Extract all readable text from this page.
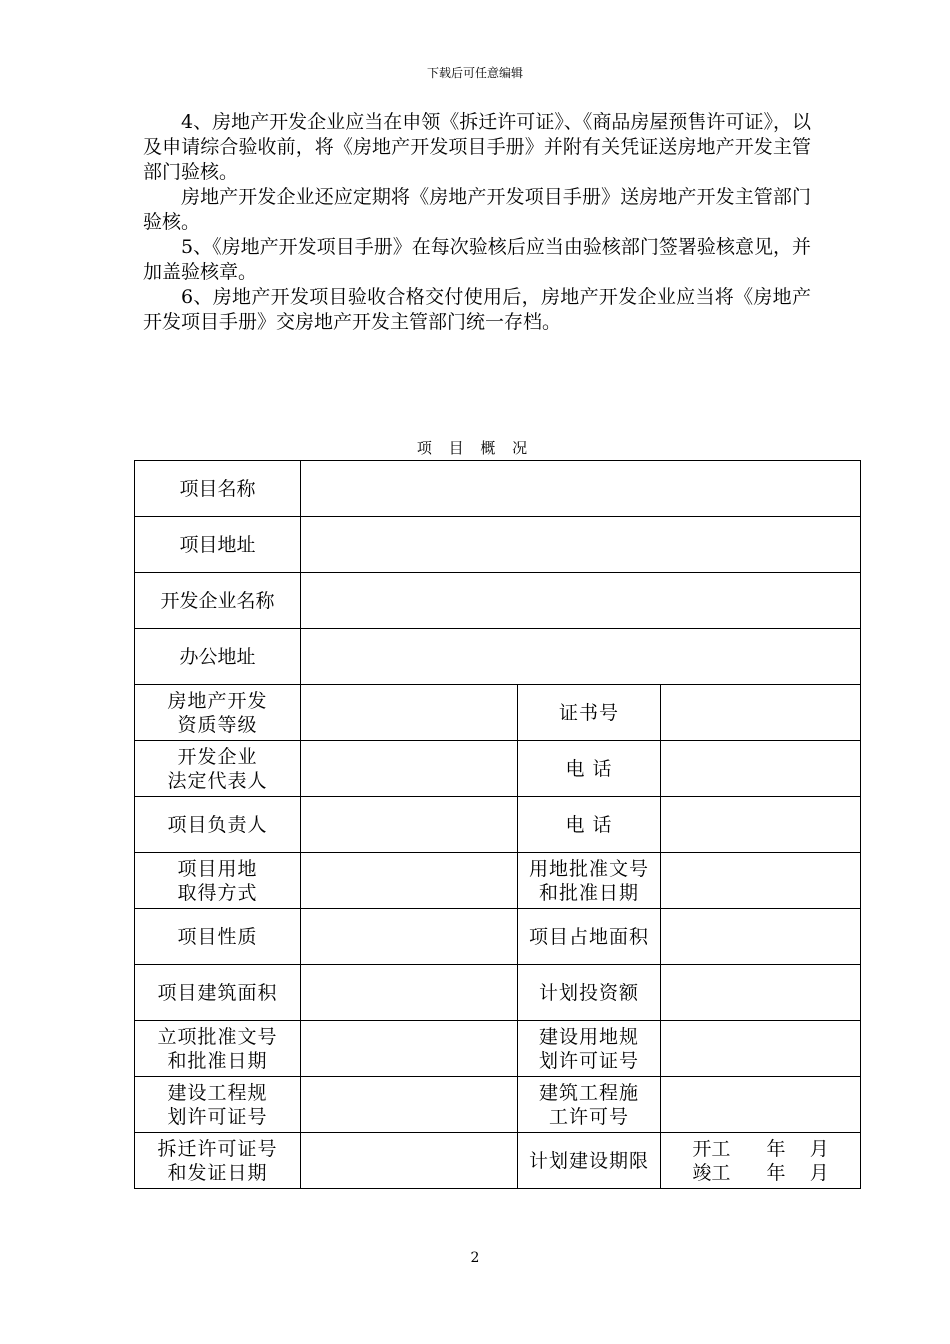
下载后可任意编辑

4、房地产开发企业应当在申领《拆迁许可证》、《商品房屋预售许可证》，以及申请综合验收前，将《房地产开发项目手册》并附有关凭证送房地产开发主管部门验核。

房地产开发企业还应定期将《房地产开发项目手册》送房地产开发主管部门验核。

5、《房地产开发项目手册》在每次验核后应当由验核部门签署验核意见，并加盖验核章。

6、房地产开发项目验收合格交付使用后，房地产开发企业应当将《房地产开发项目手册》交房地产开发主管部门统一存档。

项 目 概 况
项目名称			
项目地址			
开发企业名称			
办公地址			

房地产开发
资质等级		证书号	

开发企业
法定代表人		电 话	

项目负责人		电 话	

项目用地
取得方式		用地批准文号
和批准日期	

项目性质		项目占地面积	

项目建筑面积		计划投资额	

立项批准文号
和批准日期		建设用地规
划许可证号	

建设工程规
划许可证号		建筑工程施
工许可号	

拆迁许可证号
和发证日期		计划建设期限	开工      年    月
竣工      年    月
2
